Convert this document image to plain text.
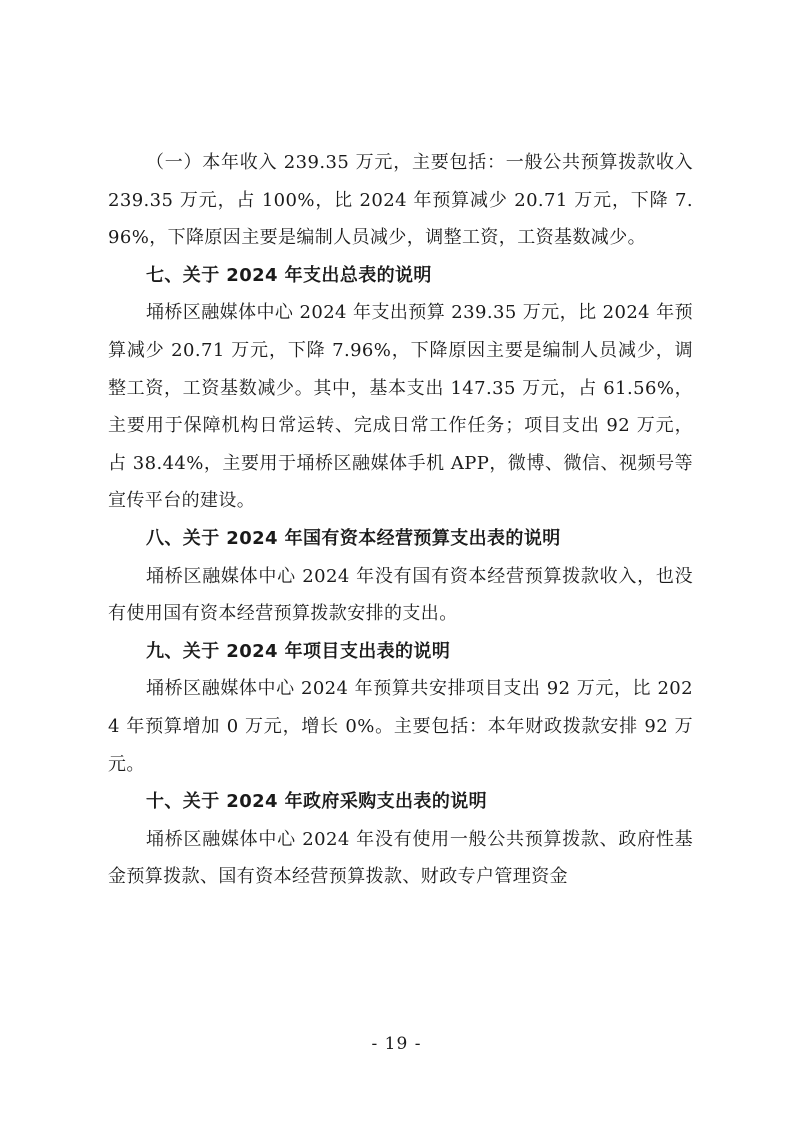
（一）本年收入 239.35 万元，主要包括：一般公共预算拨款收入 239.35 万元，占 100%，比 2024 年预算减少 20.71 万元，下降 7.96%，下降原因主要是编制人员减少，调整工资，工资基数减少。

七、关于 2024 年支出总表的说明

埇桥区融媒体中心 2024 年支出预算 239.35 万元，比 2024 年预算减少 20.71 万元，下降 7.96%，下降原因主要是编制人员减少，调整工资，工资基数减少。其中，基本支出 147.35 万元，占 61.56%，主要用于保障机构日常运转、完成日常工作任务；项目支出 92 万元，占 38.44%，主要用于埇桥区融媒体手机 APP，微博、微信、视频号等宣传平台的建设。

八、关于 2024 年国有资本经营预算支出表的说明

埇桥区融媒体中心 2024 年没有国有资本经营预算拨款收入，也没有使用国有资本经营预算拨款安排的支出。

九、关于 2024 年项目支出表的说明

埇桥区融媒体中心 2024 年预算共安排项目支出 92 万元，比 2024 年预算增加 0 万元，增长 0%。主要包括：本年财政拨款安排 92 万元。

十、关于 2024 年政府采购支出表的说明

埇桥区融媒体中心 2024 年没有使用一般公共预算拨款、政府性基金预算拨款、国有资本经营预算拨款、财政专户管理资金

- 19 -
